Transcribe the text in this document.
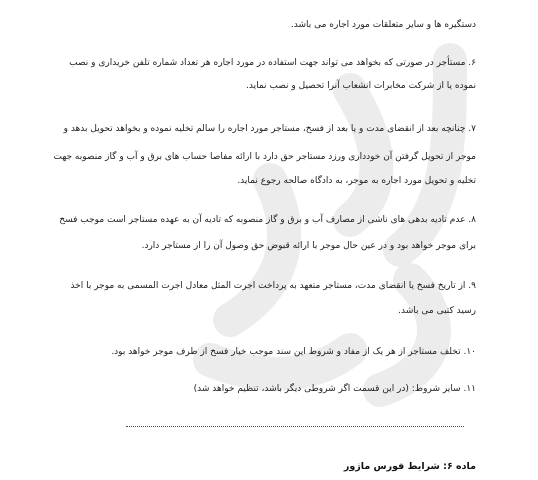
دستگیره ها و سایر متعلقات مورد اجاره می باشد.
۶. مستأجر در صورتی که بخواهد می تواند جهت استفاده در مورد اجاره هر تعداد شماره تلفن خریداری و نصب
نموده یا از شرکت مخابرات انشعاب آنرا تحصیل و نصب نماید.
۷. چنانچه بعد از انقضای مدت و یا بعد از فسخ، مستاجر مورد اجاره را سالم تخلیه نموده و بخواهد تحویل بدهد و
موجر از تحویل گرفتن آن خودداری ورزد مستاجر حق دارد با ارائه مفاصا حساب های برق و آب و گاز منصوبه جهت
تخلیه و تحویل مورد اجاره به موجر، به دادگاه صالحه رجوع نماید.
۸. عدم تادیه بدهی های ناشی از مصارف آب و برق و گاز منصوبه که تادیه آن به عهده مستاجر است موجب فسخ
برای موجر خواهد بود و در عین حال موجر با ارائه قبوض حق وصول آن را از مستاجر دارد.
۹. از تاریخ فسخ یا انقضای مدت، مستاجر متعهد به پرداخت اجرت المثل معادل اجرت المسمی به موجر با اخذ
رسید کتبی می باشد.
۱۰. تخلف مستاجر از هر یک از مفاد و شروط این سند موجب خیار فسخ از طرف موجر خواهد بود.
۱۱. سایر شروط: (در این قسمت اگر شروطی دیگر باشد، تنظیم خواهد شد)
ماده ۶: شرایط فورس ماژور
